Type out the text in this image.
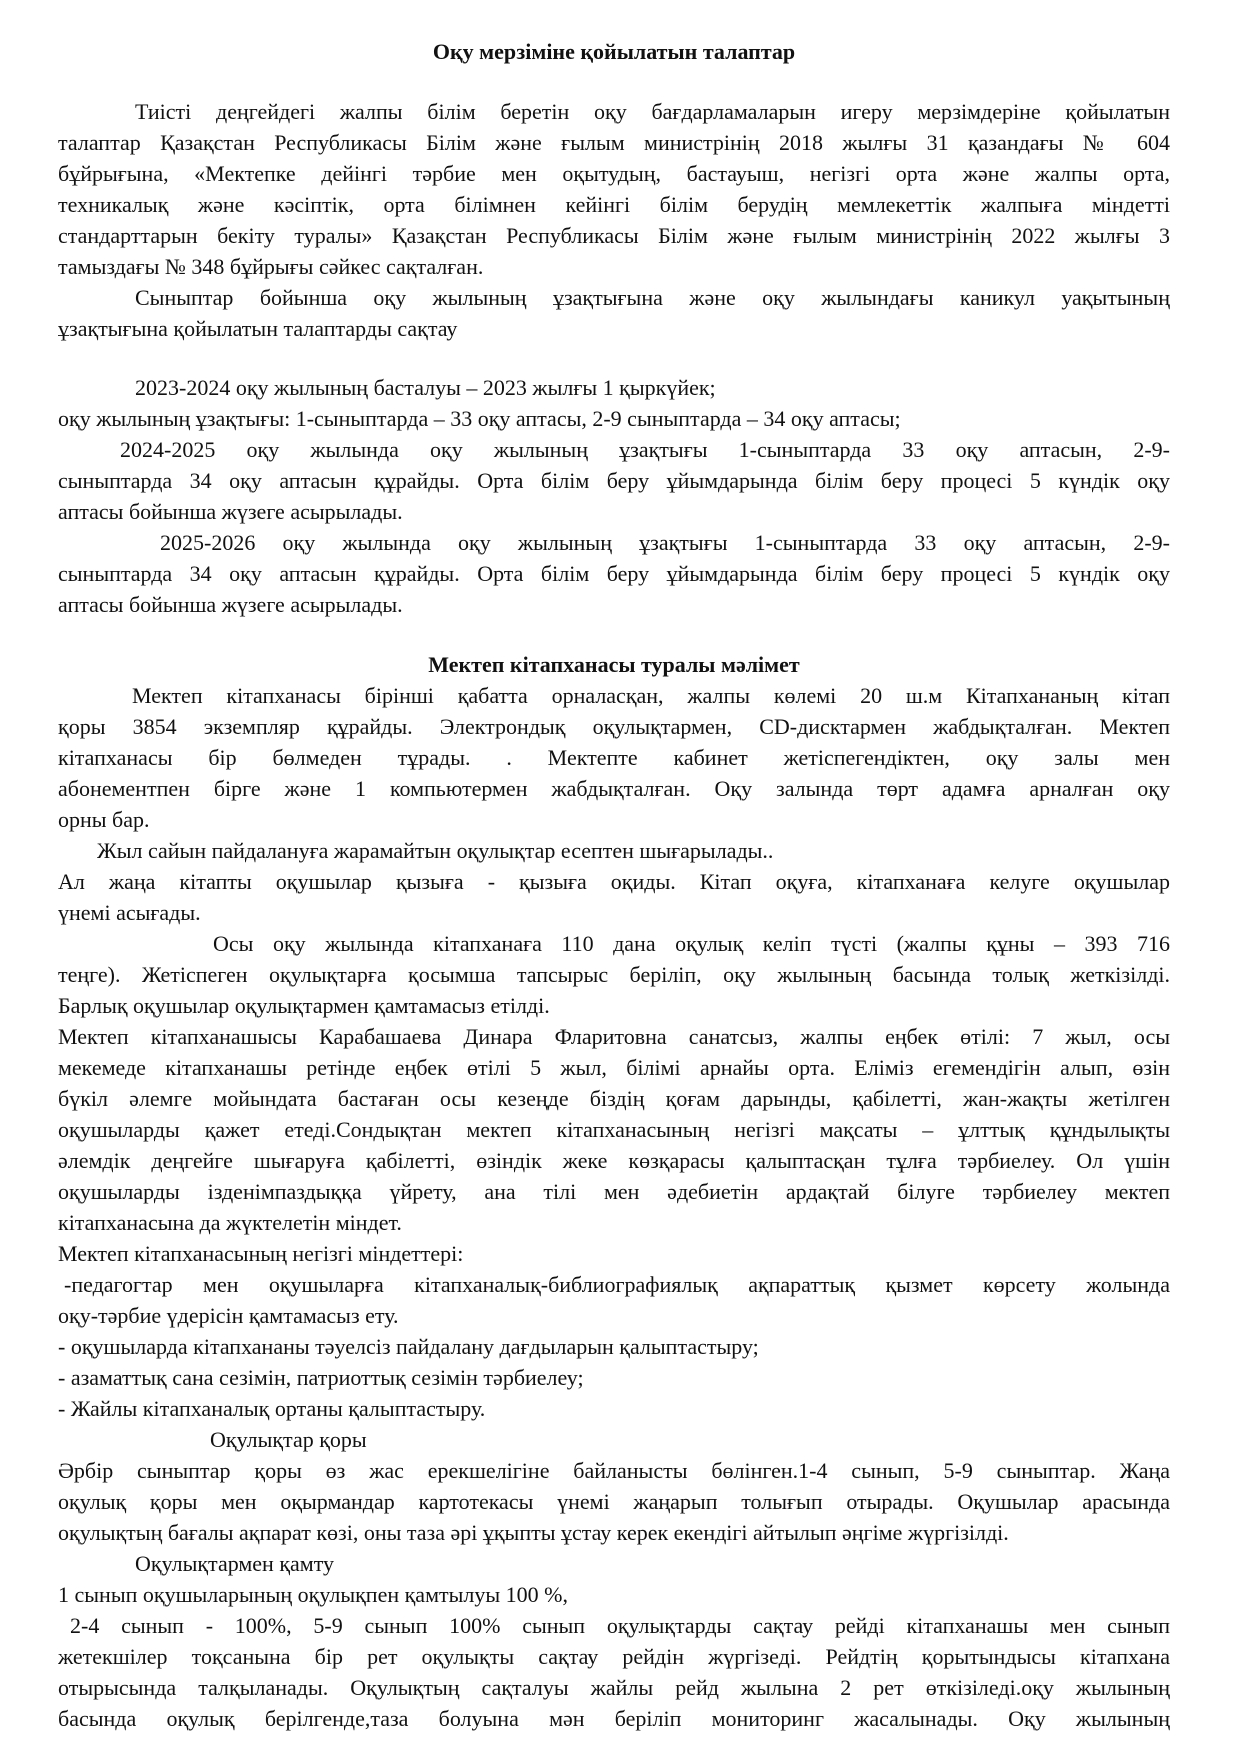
Оқу мерзіміне қойылатын талаптар
Тиісті деңгейдегі жалпы білім беретін оқу бағдарламаларын игеру мерзімдеріне қойылатын
талаптар Қазақстан Республикасы Білім және ғылым министрінің 2018 жылғы 31 қазандағы № 604
бұйрығына, «Мектепке дейінгі тәрбие мен оқытудың, бастауыш, негізгі орта және жалпы орта,
техникалық және кәсіптік, орта білімнен кейінгі білім берудің мемлекеттік жалпыға міндетті
стандарттарын бекіту туралы» Қазақстан Республикасы Білім және ғылым министрінің 2022 жылғы 3
тамыздағы № 348 бұйрығы сәйкес сақталған.
Сыныптар бойынша оқу жылының ұзақтығына және оқу жылындағы каникул уақытының
ұзақтығына қойылатын талаптарды сақтау
2023-2024 оқу жылының басталуы – 2023 жылғы 1 қыркүйек;
оқу жылының ұзақтығы: 1-сыныптарда – 33 оқу аптасы, 2-9 сыныптарда – 34 оқу аптасы;
2024-2025 оқу жылында оқу жылының ұзақтығы 1-сыныптарда 33 оқу аптасын, 2-9-
сыныптарда 34 оқу аптасын құрайды. Орта білім беру ұйымдарында білім беру процесі 5 күндік оқу
аптасы бойынша жүзеге асырылады.
2025-2026 оқу жылында оқу жылының ұзақтығы 1-сыныптарда 33 оқу аптасын, 2-9-
сыныптарда 34 оқу аптасын құрайды. Орта білім беру ұйымдарында білім беру процесі 5 күндік оқу
аптасы бойынша жүзеге асырылады.
Мектеп кітапханасы туралы мәлімет
Мектеп кітапханасы бірінші қабатта орналасқан, жалпы көлемі 20 ш.м Кітапхананың кітап
қоры 3854 экземпляр құрайды. Электрондық оқулықтармен, CD-дисктармен жабдықталған. Мектеп
кітапханасы бір бөлмеден тұрады. . Мектепте кабинет жетіспегендіктен, оқу залы мен
абонементпен бірге және 1 компьютермен жабдықталған. Оқу залында төрт адамға арналған оқу
орны бар.
Жыл сайын пайдалануға жарамайтын оқулықтар есептен шығарылады..
Ал жаңа кітапты оқушылар қызыға - қызыға оқиды. Кітап оқуға, кітапханаға келуге оқушылар
үнемі асығады.
Осы оқу жылында кітапханаға 110 дана оқулық келіп түсті (жалпы құны – 393 716
теңге). Жетіспеген оқулықтарға қосымша тапсырыс беріліп, оқу жылының басында толық жеткізілді.
Барлық оқушылар оқулықтармен қамтамасыз етілді.
Мектеп кітапханашысы Карабашаева Динара Фларитовна санатсыз, жалпы еңбек өтілі: 7 жыл, осы
мекемеде кітапханашы ретінде еңбек өтілі 5 жыл, білімі арнайы орта. Еліміз егемендігін алып, өзін
бүкіл әлемге мойындата бастаған осы кезеңде біздің қоғам дарынды, қабілетті, жан-жақты жетілген
оқушыларды қажет етеді.Сондықтан мектеп кітапханасының негізгі мақсаты – ұлттық құндылықты
әлемдік деңгейге шығаруға қабілетті, өзіндік жеке көзқарасы қалыптасқан тұлға тәрбиелеу. Ол үшін
оқушыларды ізденімпаздыққа үйрету, ана тілі мен әдебиетін ардақтай білуге тәрбиелеу мектеп
кітапханасына да жүктелетін міндет.
Мектеп кітапханасының негізгі міндеттері:
-педагогтар мен оқушыларға кітапханалық-библиографиялық ақпараттық қызмет көрсету жолында
оқу-тәрбие үдерісін қамтамасыз ету.
- оқушыларда кітапхананы тәуелсіз пайдалану дағдыларын қалыптастыру;
- азаматтық сана сезімін, патриоттық сезімін тәрбиелеу;
- Жайлы кітапханалық ортаны қалыптастыру.
Оқулықтар қоры
Әрбір сыныптар қоры өз жас ерекшелігіне байланысты бөлінген.1-4 сынып, 5-9 сыныптар. Жаңа
оқулық қоры мен оқырмандар картотекасы үнемі жаңарып толығып отырады. Оқушылар арасында
оқулықтың бағалы ақпарат көзі, оны таза әрі ұқыпты ұстау керек екендігі айтылып әңгіме жүргізілді.
Оқулықтармен қамту
1 сынып оқушыларының оқулықпен қамтылуы 100 %,
2-4 сынып - 100%, 5-9 сынып 100% сынып оқулықтарды сақтау рейді кітапханашы мен сынып
жетекшілер тоқсанына бір рет оқулықты сақтау рейдін жүргізеді. Рейдтің қорытындысы кітапхана
отырысында талқыланады. Оқулықтың сақталуы жайлы рейд жылына 2 рет өткізіледі.оқу жылының
басында оқулық берілгенде,таза болуына мән беріліп мониторинг жасалынады. Оқу жылының
